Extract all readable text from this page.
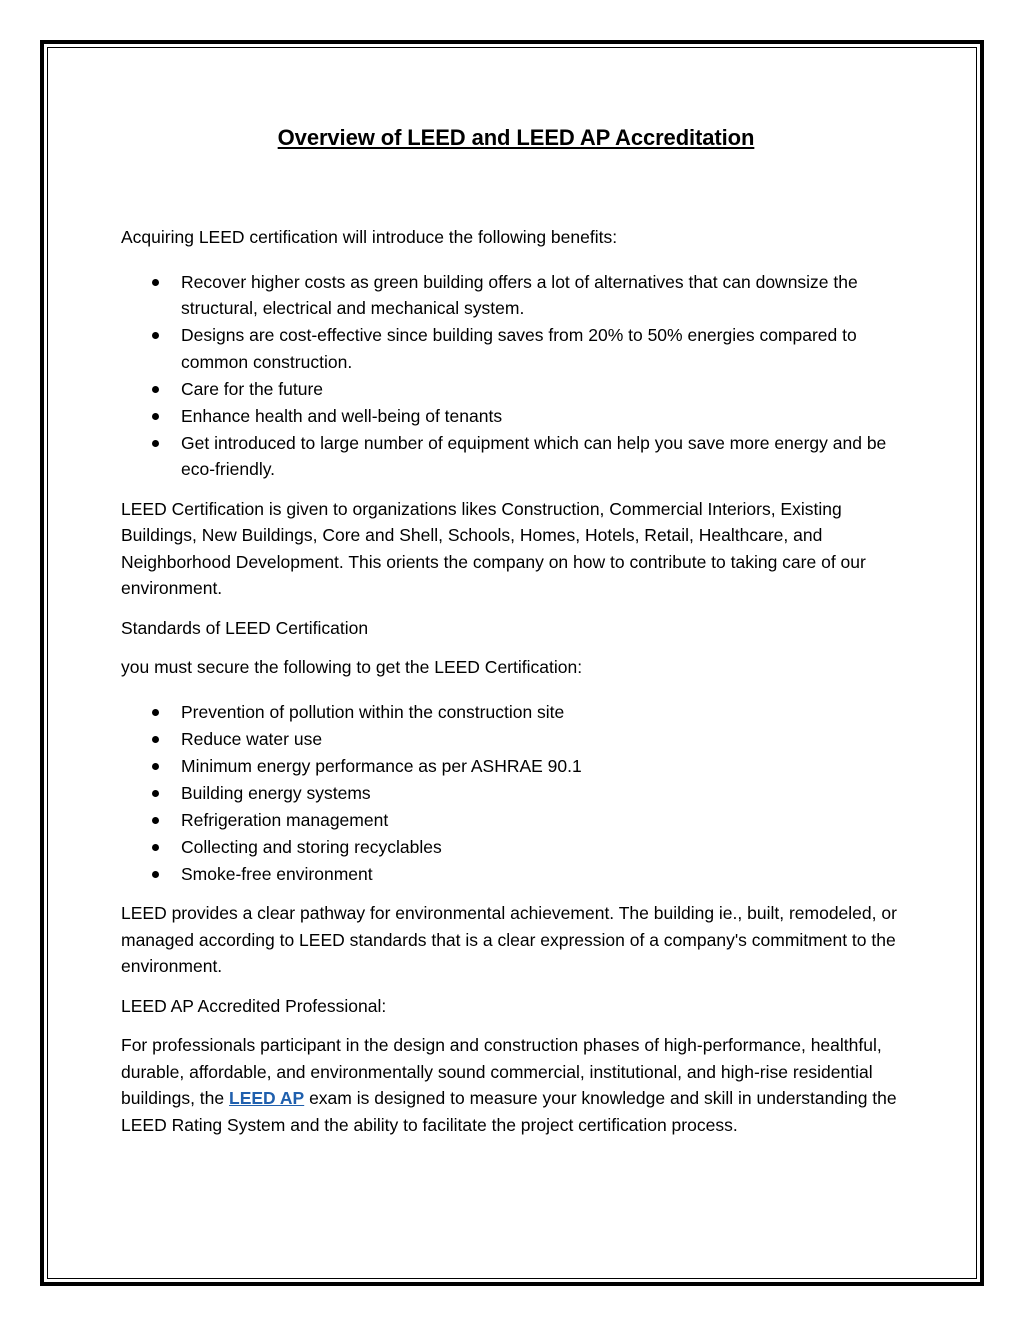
Overview of LEED and LEED AP Accreditation

Acquiring LEED certification will introduce the following benefits:

Recover higher costs as green building offers a lot of alternatives that can downsize the structural, electrical and mechanical system.
Designs are cost-effective since building saves from 20% to 50% energies compared to common construction.
Care for the future
Enhance health and well-being of tenants
Get introduced to large number of equipment which can help you save more energy and be eco-friendly.

LEED Certification is given to organizations likes Construction, Commercial Interiors, Existing Buildings, New Buildings, Core and Shell, Schools, Homes, Hotels, Retail, Healthcare, and Neighborhood Development. This orients the company on how to contribute to taking care of our environment.

Standards of LEED Certification

you must secure the following to get the LEED Certification:

Prevention of pollution within the construction site
Reduce water use
Minimum energy performance as per ASHRAE 90.1
Building energy systems
Refrigeration management
Collecting and storing recyclables
Smoke-free environment

LEED provides a clear pathway for environmental achievement. The building ie., built, remodeled, or managed according to LEED standards that is a clear expression of a company's commitment to the environment.

LEED AP Accredited Professional:

For professionals participant in the design and construction phases of high-performance, healthful, durable, affordable, and environmentally sound commercial, institutional, and high-rise residential buildings, the LEED AP exam is designed to measure your knowledge and skill in understanding the LEED Rating System and the ability to facilitate the project certification process.
